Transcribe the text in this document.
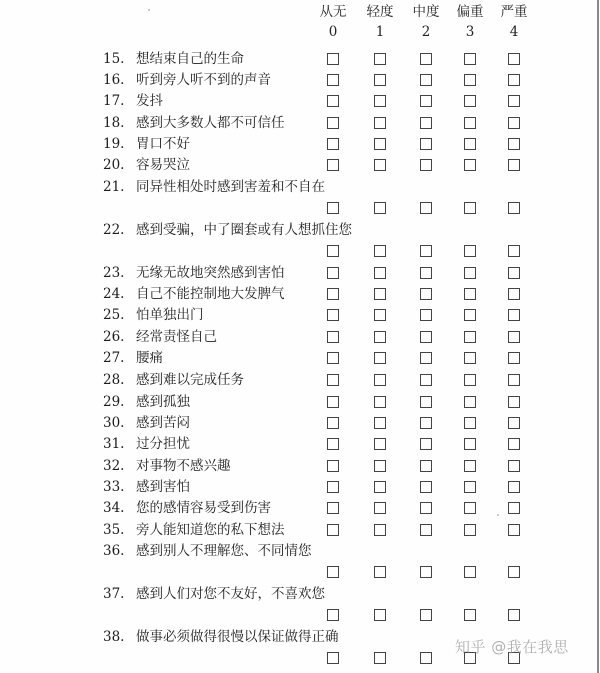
从无	轻度	中度	偏重	严重
0	1	2	3	4
15. 想结束自己的生命
16. 听到旁人听不到的声音
17. 发抖
18. 感到大多数人都不可信任
19. 胃口不好
20. 容易哭泣
21. 同异性相处时感到害羞和不自在
22. 感到受骗，中了圈套或有人想抓住您
23. 无缘无故地突然感到害怕
24. 自己不能控制地大发脾气
25. 怕单独出门
26. 经常责怪自己
27. 腰痛
28. 感到难以完成任务
29. 感到孤独
30. 感到苦闷
31. 过分担忧
32. 对事物不感兴趣
33. 感到害怕
34. 您的感情容易受到伤害
35. 旁人能知道您的私下想法
36. 感到别人不理解您、不同情您
37. 感到人们对您不友好，不喜欢您
38. 做事必须做得很慢以保证做得正确
知乎 @我在我思
